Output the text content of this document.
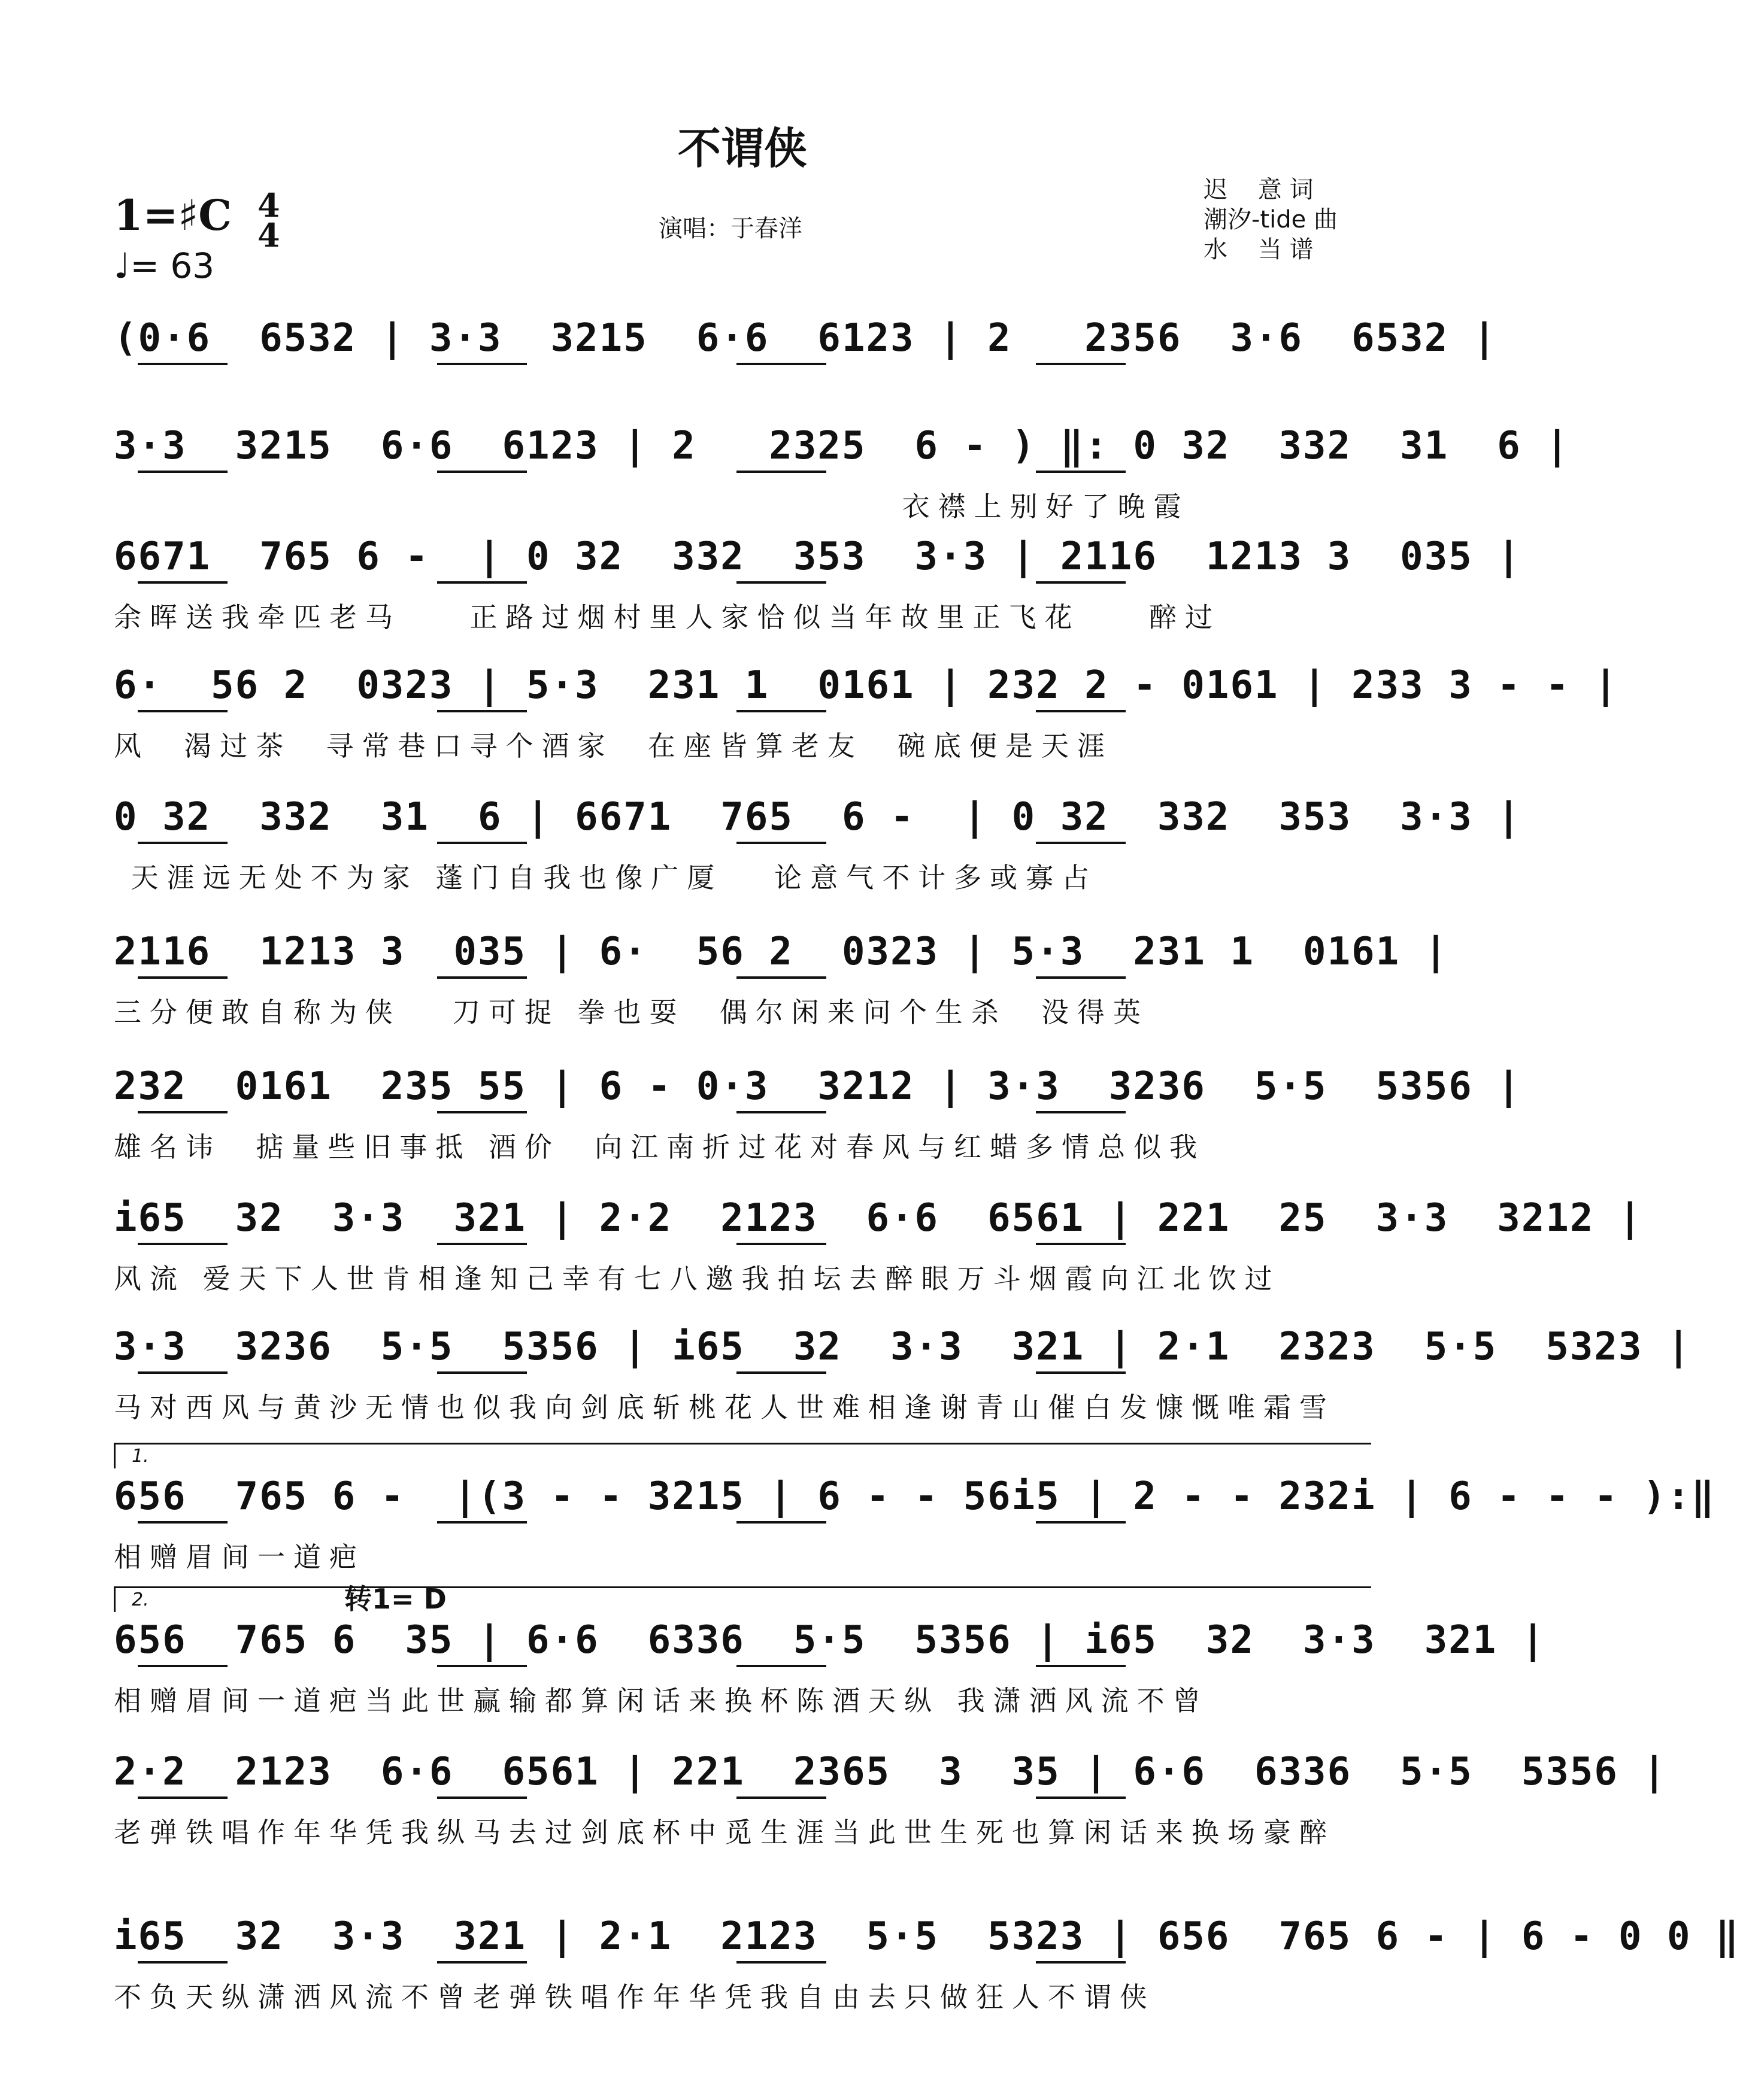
不谓侠
1=♯C 4
4
♩= 63
演唱：于春洋
迟    意 词
潮汐-tide 曲
水    当 谱
转1= D
1.
2.
(0·6  6532 | 3·3  3215  6·6  6123 | 2   2356  3·6  6532 |
3·3  3215  6·6  6123 | 2   2325  6 - ) ‖: 0 32  332  31  6 |
衣襟上别好了晚霞
6671  765 6 -  | 0 32  332  353  3·3 | 2116  1213 3  035 |
余晖送我牵匹老马    正路过烟村里人家恰似当年故里正飞花    醉过
6·  56 2  0323 | 5·3  231 1  0161 | 232 2 - 0161 | 233 3 - - |
风  渴过茶  寻常巷口寻个酒家  在座皆算老友  碗底便是天涯
0 32  332  31  6 | 6671  765  6 -  | 0 32  332  353  3·3 |
天涯远无处不为家 蓬门自我也像广厦   论意气不计多或寡占
2116  1213 3  035 | 6·  56 2  0323 | 5·3  231 1  0161 |
三分便敢自称为侠   刀可捉 拳也耍  偶尔闲来问个生杀  没得英
232  0161  235 55 | 6 - 0·3  3212 | 3·3  3236  5·5  5356 |
雄名讳  掂量些旧事抵 酒价  向江南折过花对春风与红蜡多情总似我
i65  32  3·3  321 | 2·2  2123  6·6  6561 | 221  25  3·3  3212 |
风流 爱天下人世肯相逢知己幸有七八邀我拍坛去醉眼万斗烟霞向江北饮过
3·3  3236  5·5  5356 | i65  32  3·3  321 | 2·1  2323  5·5  5323 |
马对西风与黄沙无情也似我向剑底斩桃花人世难相逢谢青山催白发慷慨唯霜雪
656  765 6 -  |(3 - - 3215 | 6 - - 56i5 | 2 - - 232i | 6 - - - ):‖
相赠眉间一道疤
656  765 6  35 | 6·6  6336  5·5  5356 | i65  32  3·3  321 |
相赠眉间一道疤当此世赢输都算闲话来换杯陈酒天纵 我潇洒风流不曾
2·2  2123  6·6  6561 | 221  2365  3  35 | 6·6  6336  5·5  5356 |
老弹铁唱作年华凭我纵马去过剑底杯中觅生涯当此世生死也算闲话来换场豪醉
i65  32  3·3  321 | 2·1  2123  5·5  5323 | 656  765 6 - | 6 - 0 0 ‖
不负天纵潇洒风流不曾老弹铁唱作年华凭我自由去只做狂人不谓侠
